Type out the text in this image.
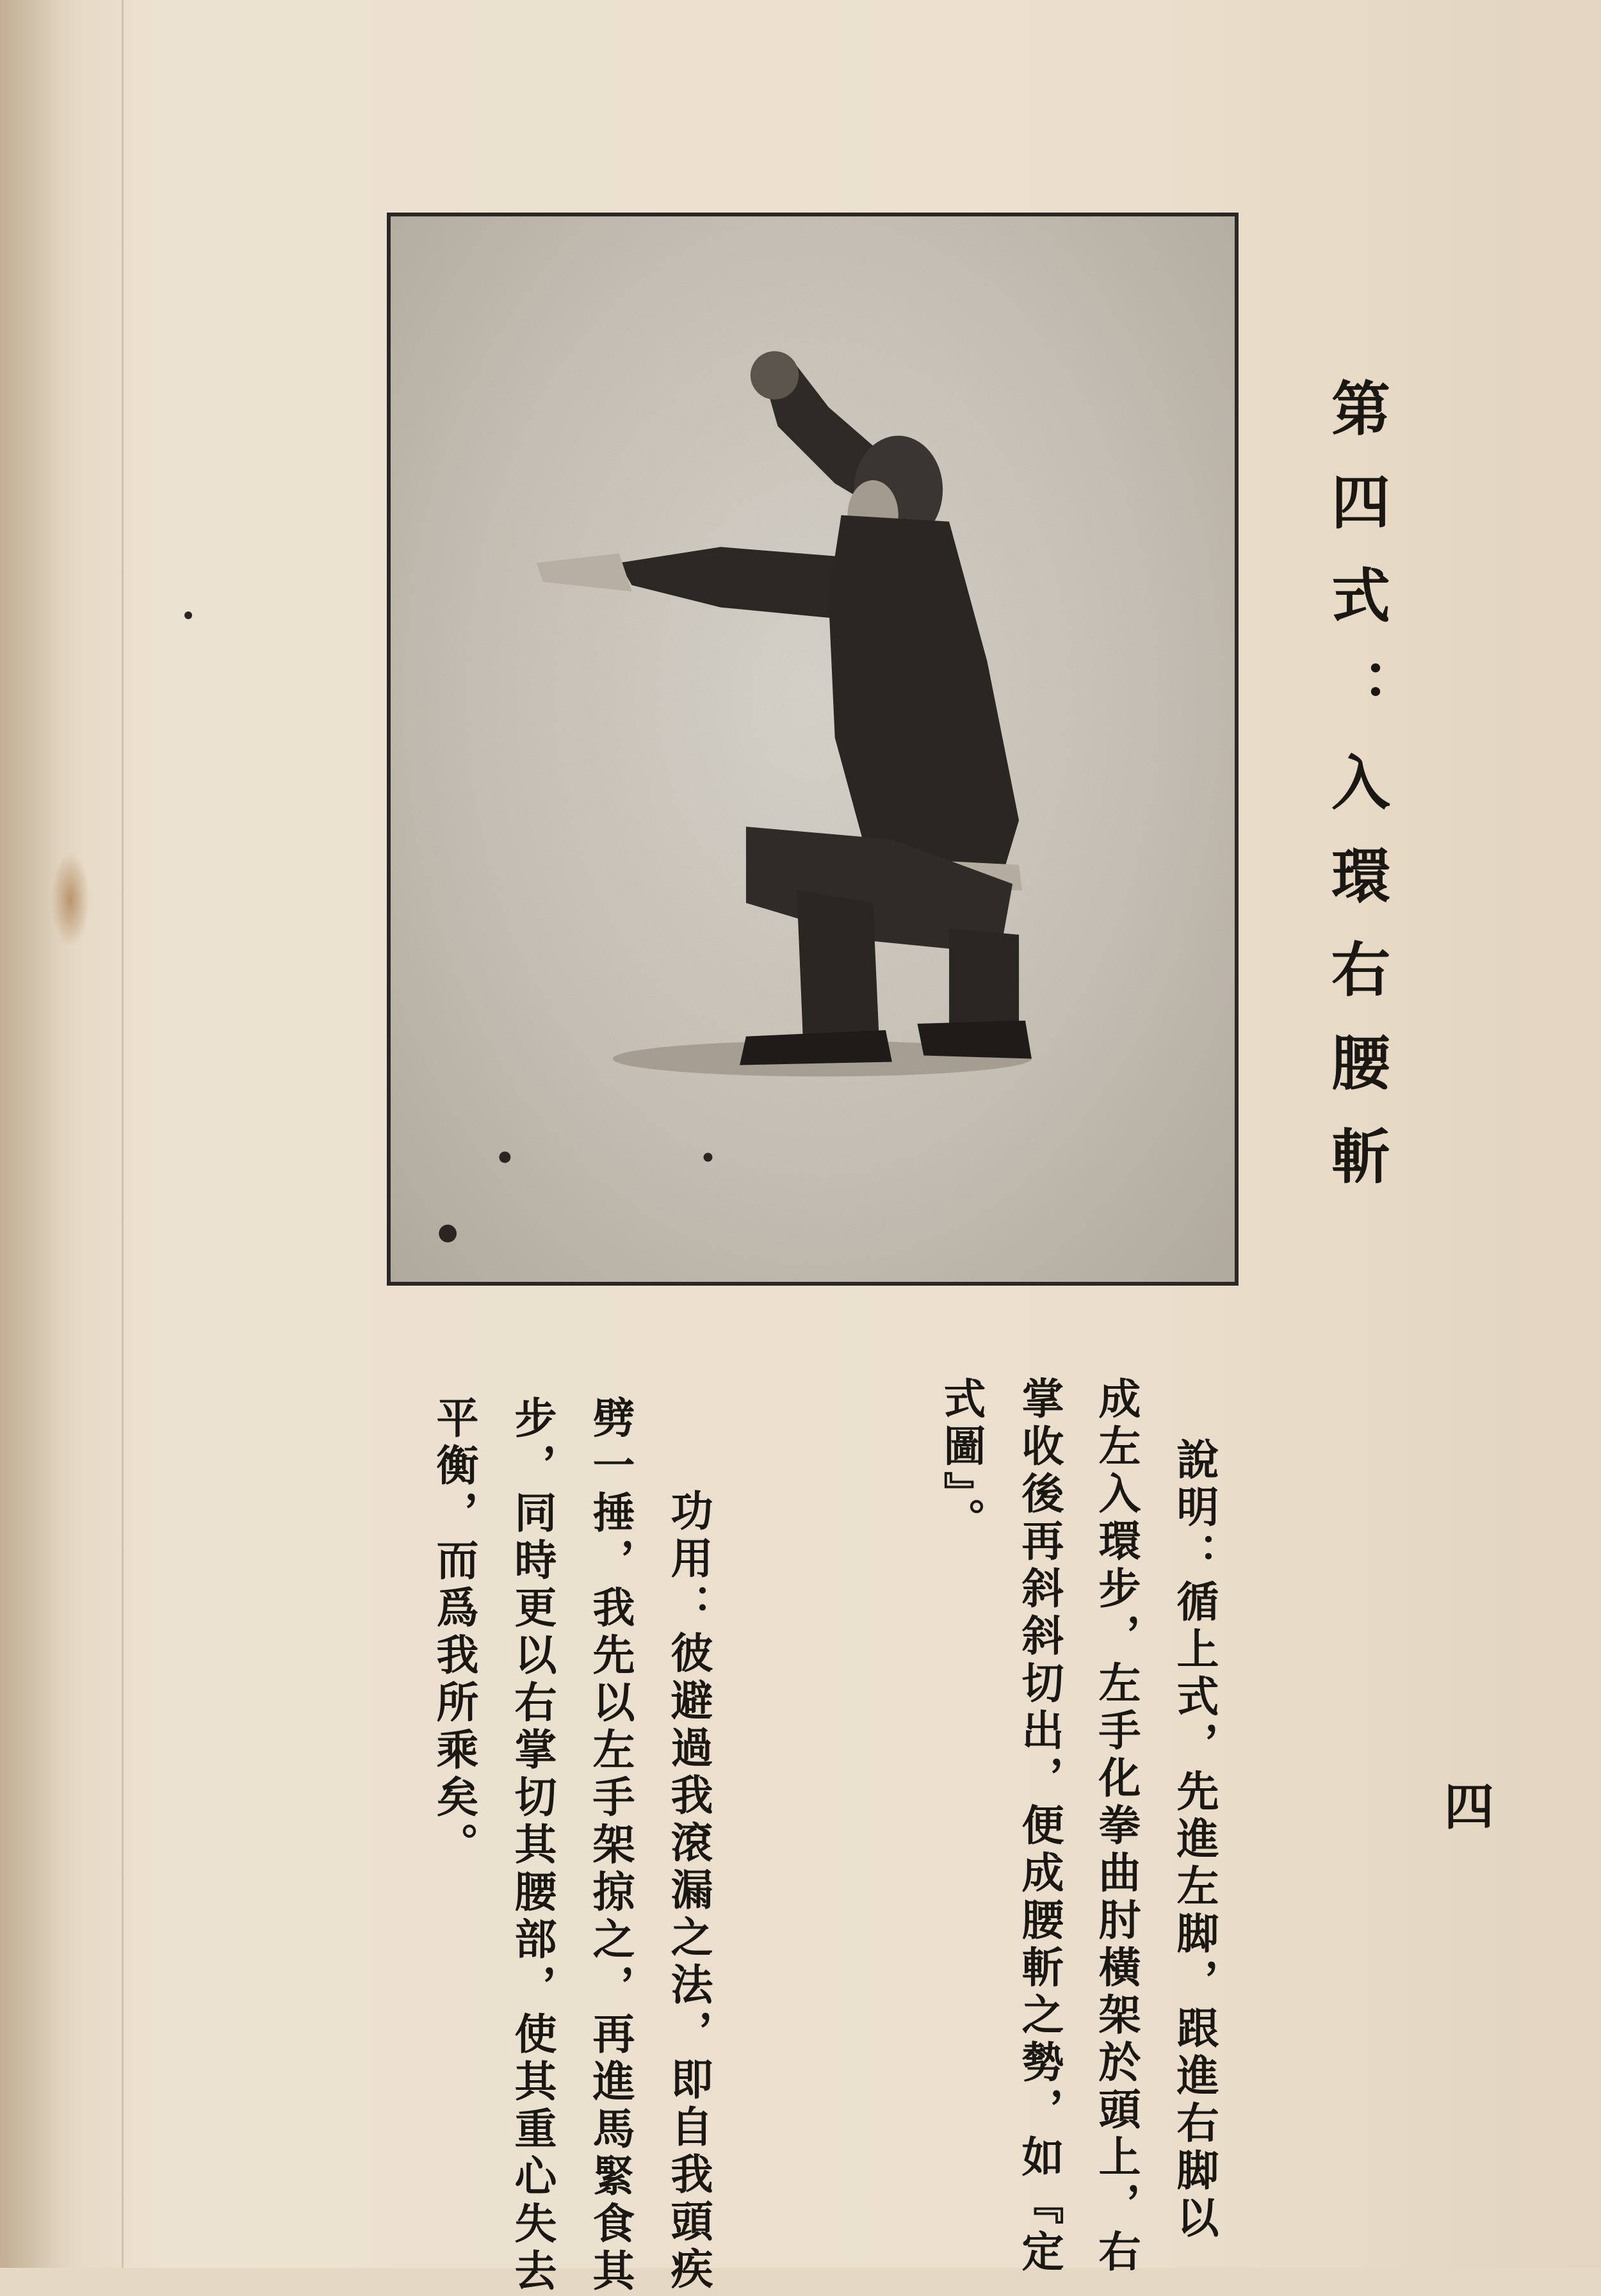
第四式：入環右腰斬
說明：循上式，先進左脚，跟進右脚以
成左入環步，左手化拳曲肘橫架於頭上，右
掌收後再斜斜切出，便成腰斬之勢，如『定
式圖』。
功用：彼避過我滾漏之法，即自我頭疾
劈一捶，我先以左手架掠之，再進馬緊食其
步，同時更以右掌切其腰部，使其重心失去
平衡，而爲我所乘矣。	四
